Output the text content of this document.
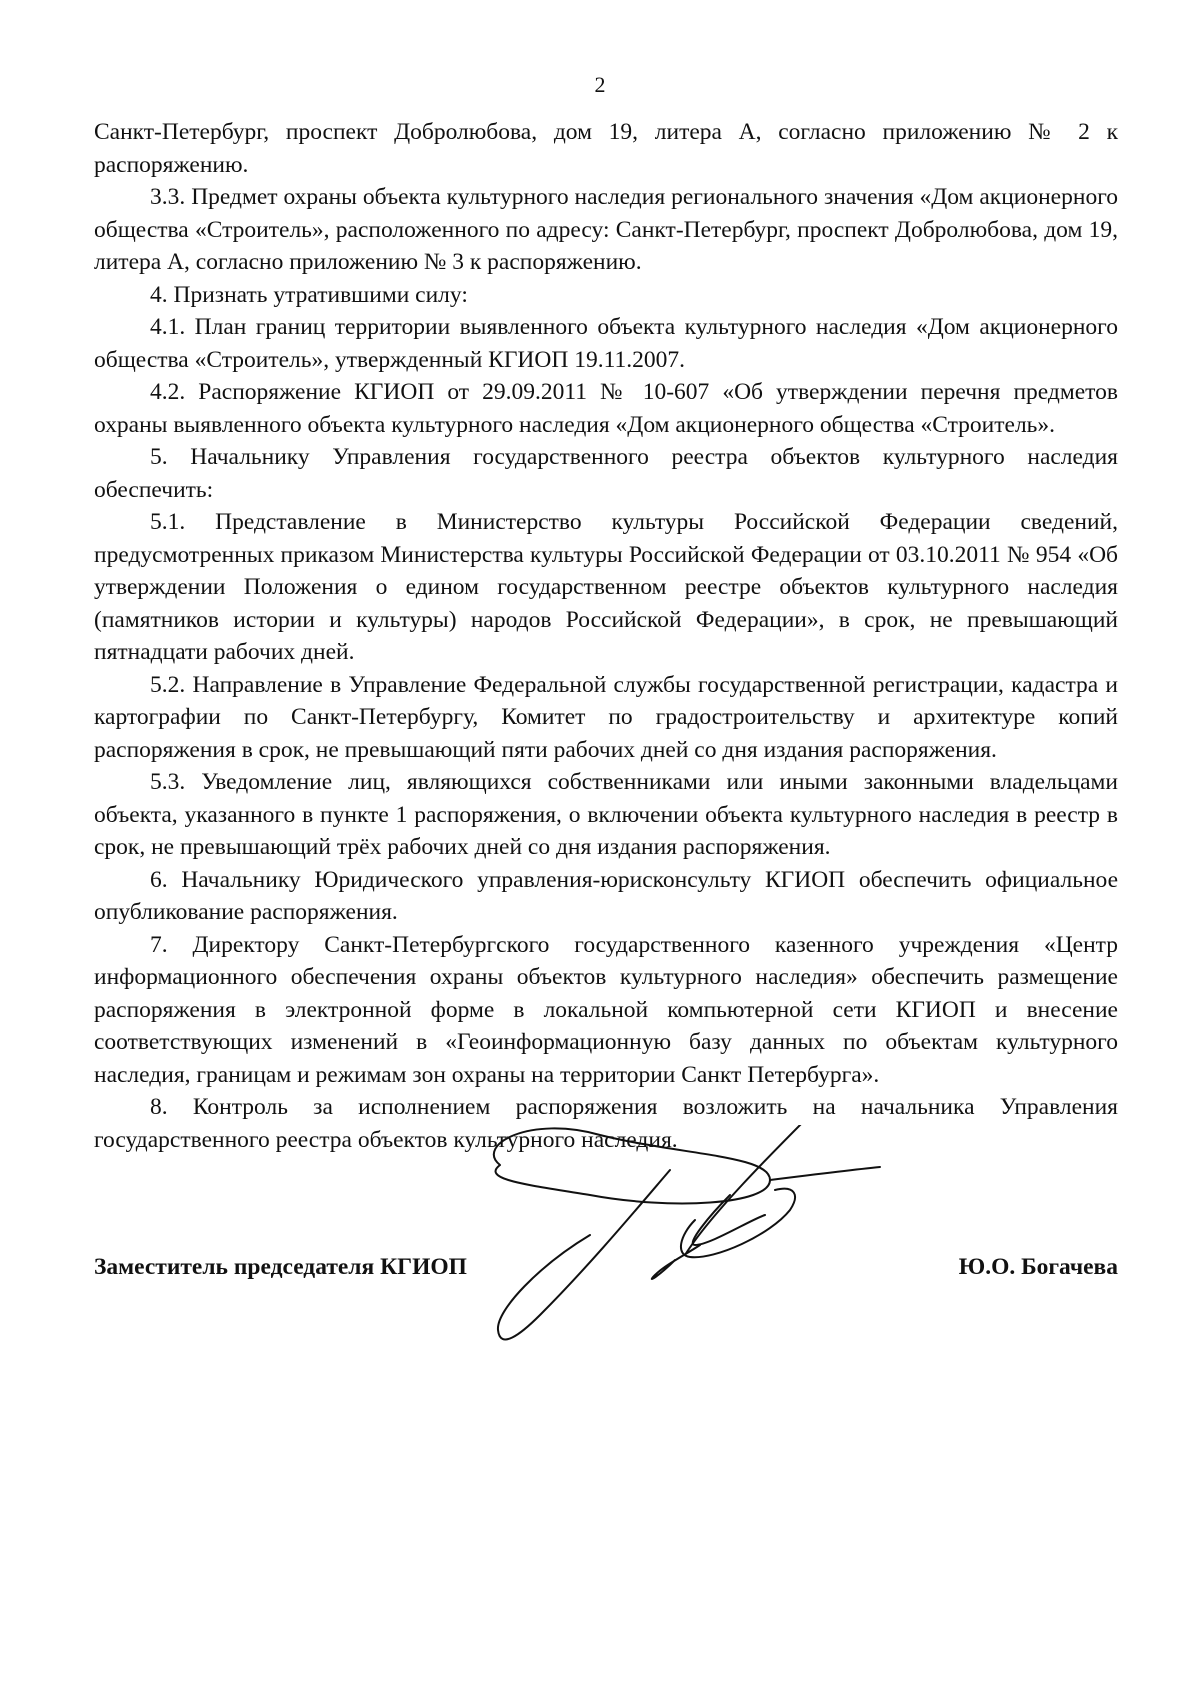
2

Санкт-Петербург, проспект Добролюбова, дом 19, литера А, согласно приложению № 2 к распоряжению.

3.3. Предмет охраны объекта культурного наследия регионального значения «Дом акционерного общества «Строитель», расположенного по адресу: Санкт-Петербург, проспект Добролюбова, дом 19, литера А, согласно приложению № 3 к распоряжению.

4. Признать утратившими силу:

4.1. План границ территории выявленного объекта культурного наследия «Дом акционерного общества «Строитель», утвержденный КГИОП 19.11.2007.

4.2. Распоряжение КГИОП от 29.09.2011 № 10-607 «Об утверждении перечня предметов охраны выявленного объекта культурного наследия «Дом акционерного общества «Строитель».

5. Начальнику Управления государственного реестра объектов культурного наследия обеспечить:

5.1. Представление в Министерство культуры Российской Федерации сведений, предусмотренных приказом Министерства культуры Российской Федерации от 03.10.2011 № 954 «Об утверждении Положения о едином государственном реестре объектов культурного наследия (памятников истории и культуры) народов Российской Федерации», в срок, не превышающий пятнадцати рабочих дней.

5.2. Направление в Управление Федеральной службы государственной регистрации, кадастра и картографии по Санкт-Петербургу, Комитет по градостроительству и архитектуре копий распоряжения в срок, не превышающий пяти рабочих дней со дня издания распоряжения.

5.3. Уведомление лиц, являющихся собственниками или иными законными владельцами объекта, указанного в пункте 1 распоряжения, о включении объекта культурного наследия в реестр в срок, не превышающий трёх рабочих дней со дня издания распоряжения.

6. Начальнику Юридического управления-юрисконсульту КГИОП обеспечить официальное опубликование распоряжения.

7. Директору Санкт-Петербургского государственного казенного учреждения «Центр информационного обеспечения охраны объектов культурного наследия» обеспечить размещение распоряжения в электронной форме в локальной компьютерной сети КГИОП и внесение соответствующих изменений в «Геоинформационную базу данных по объектам культурного наследия, границам и режимам зон охраны на территории Санкт Петербурга».

8. Контроль за исполнением распоряжения возложить на начальника Управления государственного реестра объектов культурного наследия.

Заместитель председателя КГИОП	Ю.О. Богачева
